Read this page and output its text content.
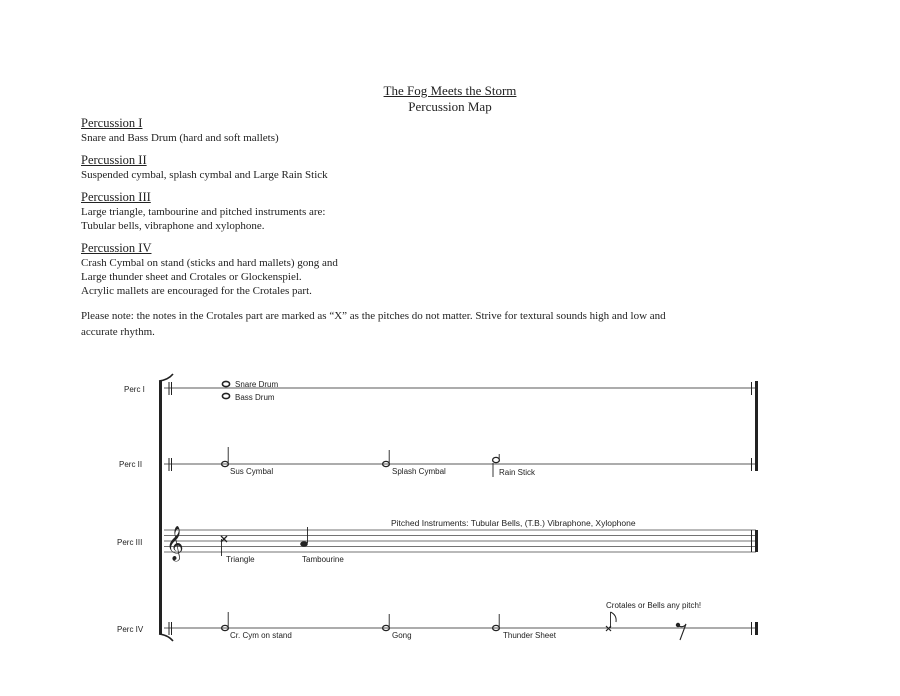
The Fog Meets the Storm
Percussion Map
Percussion I
Snare and Bass Drum (hard and soft mallets)
Percussion II
Suspended cymbal, splash cymbal and Large Rain Stick
Percussion III
Large triangle, tambourine and pitched instruments are:
Tubular bells, vibraphone and xylophone.
Percussion IV
Crash Cymbal on stand (sticks and hard mallets) gong and
Large thunder sheet and Crotales or Glockenspiel.
Acrylic mallets are encouraged for the Crotales part.
Please note: the notes in the Crotales part are marked as “X” as the pitches do not matter. Strive for textural sounds high and low and
accurate rhythm.
Perc I
Snare Drum
Bass Drum
Perc II
Sus Cymbal	Splash Cymbal	Rain Stick
Perc III 𝄞	Triangle	Tambourine
Pitched Instruments: Tubular Bells, (T.B.) Vibraphone, Xylophone
Perc IV
Cr. Cym on stand	Gong	Thunder Sheet
Crotales or Bells any pitch!
